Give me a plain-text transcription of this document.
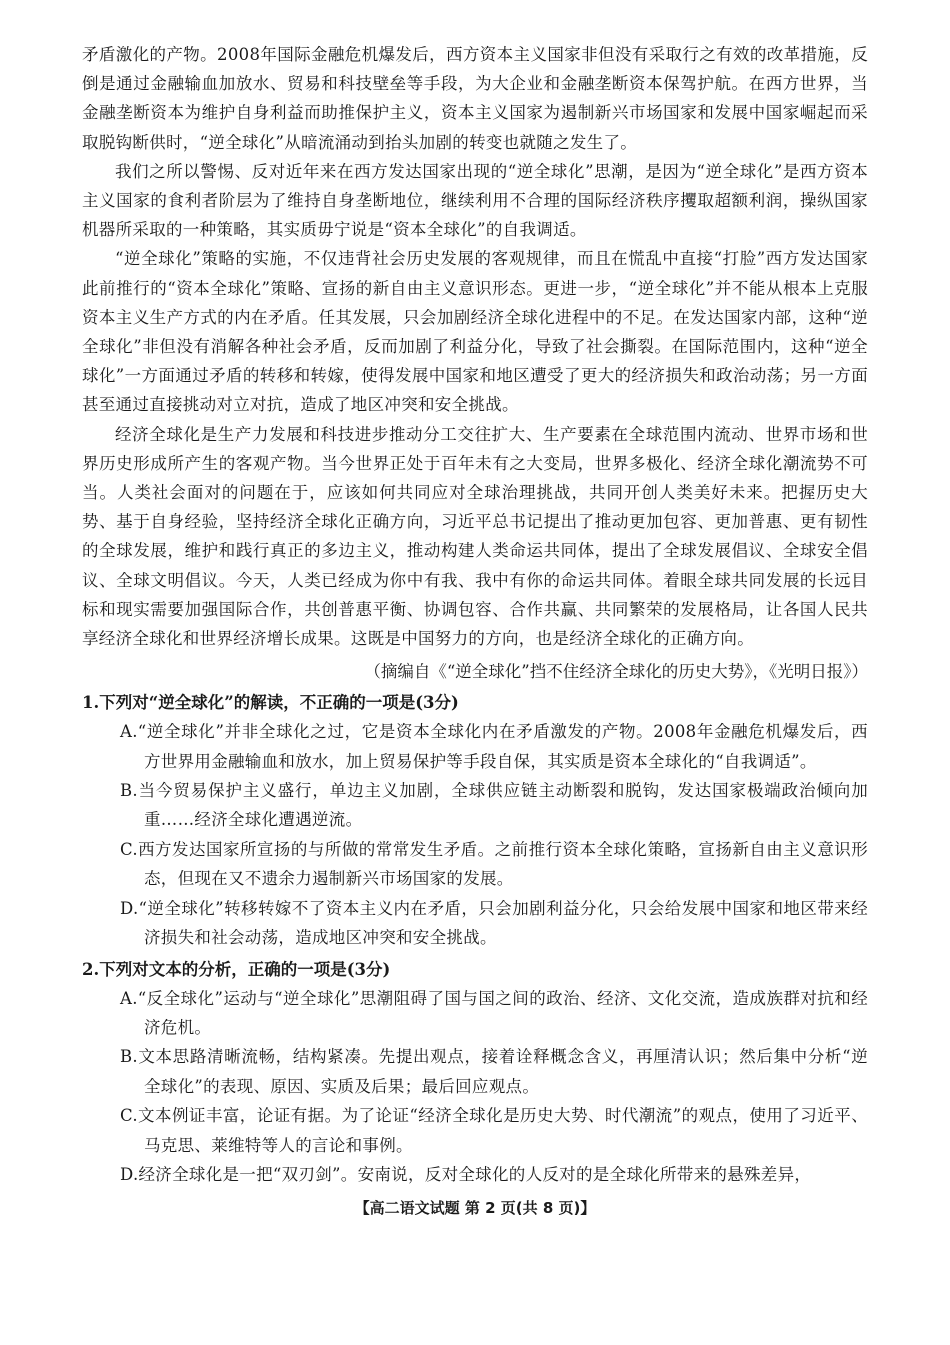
矛盾激化的产物。2008年国际金融危机爆发后，西方资本主义国家非但没有采取行之有效的改革措施，反倒是通过金融输血加放水、贸易和科技壁垒等手段，为大企业和金融垄断资本保驾护航。在西方世界，当金融垄断资本为维护自身利益而助推保护主义，资本主义国家为遏制新兴市场国家和发展中国家崛起而采取脱钩断供时，“逆全球化”从暗流涌动到抬头加剧的转变也就随之发生了。

我们之所以警惕、反对近年来在西方发达国家出现的“逆全球化”思潮，是因为“逆全球化”是西方资本主义国家的食利者阶层为了维持自身垄断地位，继续利用不合理的国际经济秩序攫取超额利润，操纵国家机器所采取的一种策略，其实质毋宁说是“资本全球化”的自我调适。

“逆全球化”策略的实施，不仅违背社会历史发展的客观规律，而且在慌乱中直接“打脸”西方发达国家此前推行的“资本全球化”策略、宣扬的新自由主义意识形态。更进一步，“逆全球化”并不能从根本上克服资本主义生产方式的内在矛盾。任其发展，只会加剧经济全球化进程中的不足。在发达国家内部，这种“逆全球化”非但没有消解各种社会矛盾，反而加剧了利益分化，导致了社会撕裂。在国际范围内，这种“逆全球化”一方面通过矛盾的转移和转嫁，使得发展中国家和地区遭受了更大的经济损失和政治动荡；另一方面甚至通过直接挑动对立对抗，造成了地区冲突和安全挑战。

经济全球化是生产力发展和科技进步推动分工交往扩大、生产要素在全球范围内流动、世界市场和世界历史形成所产生的客观产物。当今世界正处于百年未有之大变局，世界多极化、经济全球化潮流势不可当。人类社会面对的问题在于，应该如何共同应对全球治理挑战，共同开创人类美好未来。把握历史大势、基于自身经验，坚持经济全球化正确方向，习近平总书记提出了推动更加包容、更加普惠、更有韧性的全球发展，维护和践行真正的多边主义，推动构建人类命运共同体，提出了全球发展倡议、全球安全倡议、全球文明倡议。今天，人类已经成为你中有我、我中有你的命运共同体。着眼全球共同发展的长远目标和现实需要加强国际合作，共创普惠平衡、协调包容、合作共赢、共同繁荣的发展格局，让各国人民共享经济全球化和世界经济增长成果。这既是中国努力的方向，也是经济全球化的正确方向。

（摘编自《“逆全球化”挡不住经济全球化的历史大势》，《光明日报》）

1.下列对“逆全球化”的解读，不正确的一项是(3分)

A.“逆全球化”并非全球化之过，它是资本全球化内在矛盾激发的产物。2008年金融危机爆发后，西方世界用金融输血和放水，加上贸易保护等手段自保，其实质是资本全球化的“自我调适”。

B.当今贸易保护主义盛行，单边主义加剧，全球供应链主动断裂和脱钩，发达国家极端政治倾向加重……经济全球化遭遇逆流。

C.西方发达国家所宣扬的与所做的常常发生矛盾。之前推行资本全球化策略，宣扬新自由主义意识形态，但现在又不遗余力遏制新兴市场国家的发展。

D.“逆全球化”转移转嫁不了资本主义内在矛盾，只会加剧利益分化，只会给发展中国家和地区带来经济损失和社会动荡，造成地区冲突和安全挑战。

2.下列对文本的分析，正确的一项是(3分)

A.“反全球化”运动与“逆全球化”思潮阻碍了国与国之间的政治、经济、文化交流，造成族群对抗和经济危机。

B.文本思路清晰流畅，结构紧凑。先提出观点，接着诠释概念含义，再厘清认识；然后集中分析“逆全球化”的表现、原因、实质及后果；最后回应观点。

C.文本例证丰富，论证有据。为了论证“经济全球化是历史大势、时代潮流”的观点，使用了习近平、马克思、莱维特等人的言论和事例。

D.经济全球化是一把“双刃剑”。安南说，反对全球化的人反对的是全球化所带来的悬殊差异，

【高二语文试题 第 2 页(共 8 页)】
